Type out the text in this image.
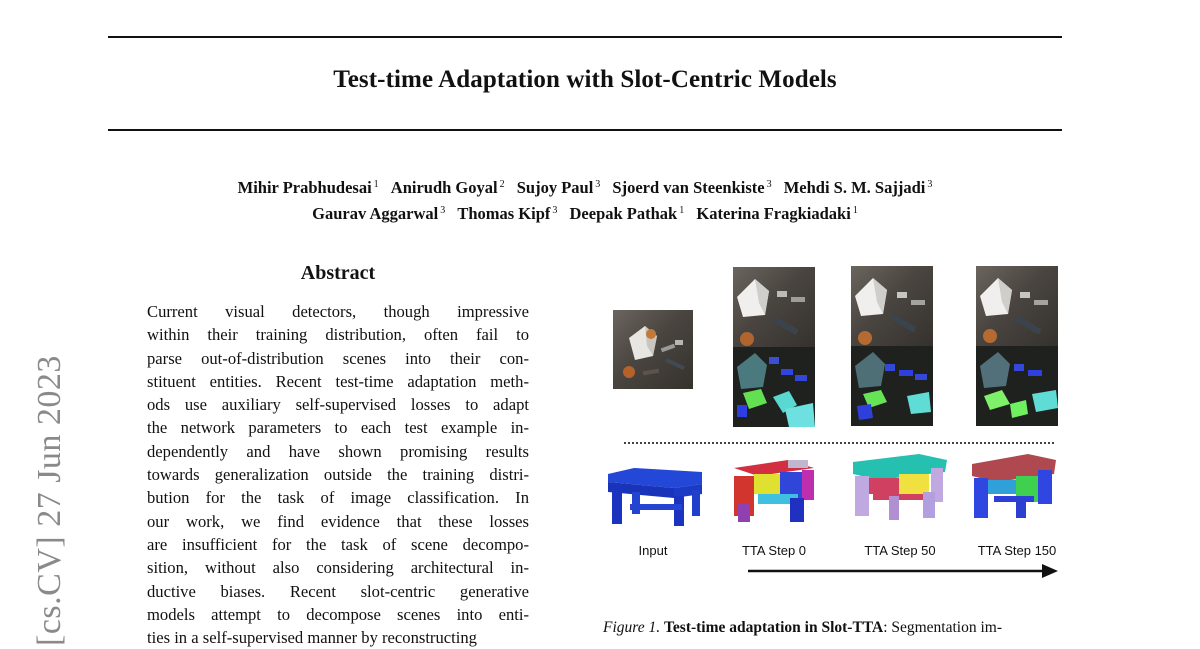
Test-time Adaptation with Slot-Centric Models
Mihir Prabhudesai $^1$ Anirudh Goyal $^2$ Sujoy Paul $^3$ Sjoerd van Steenkiste $^3$ Mehdi S. M. Sajjadi $^3$
Gaurav Aggarwal $^3$ Thomas Kipf $^3$ Deepak Pathak $^1$ Katerina Fragkiadaki $^1$
[cs.CV] 27 Jun 2023
Abstract
Current visual detectors, though impressive
within their training distribution, often fail to
parse out-of-distribution scenes into their con-
stituent entities. Recent test-time adaptation meth-
ods use auxiliary self-supervised losses to adapt
the network parameters to each test example in-
dependently and have shown promising results
towards generalization outside the training distri-
bution for the task of image classification. In
our work, we find evidence that these losses
are insufficient for the task of scene decompo-
sition, without also considering architectural in-
ductive biases. Recent slot-centric generative
models attempt to decompose scenes into enti-
ties in a self-supervised manner by reconstructing
Input	TTA Step 0	TTA Step 50	TTA Step 150
Figure 1. Test-time adaptation in Slot-TTA: Segmentation im-
